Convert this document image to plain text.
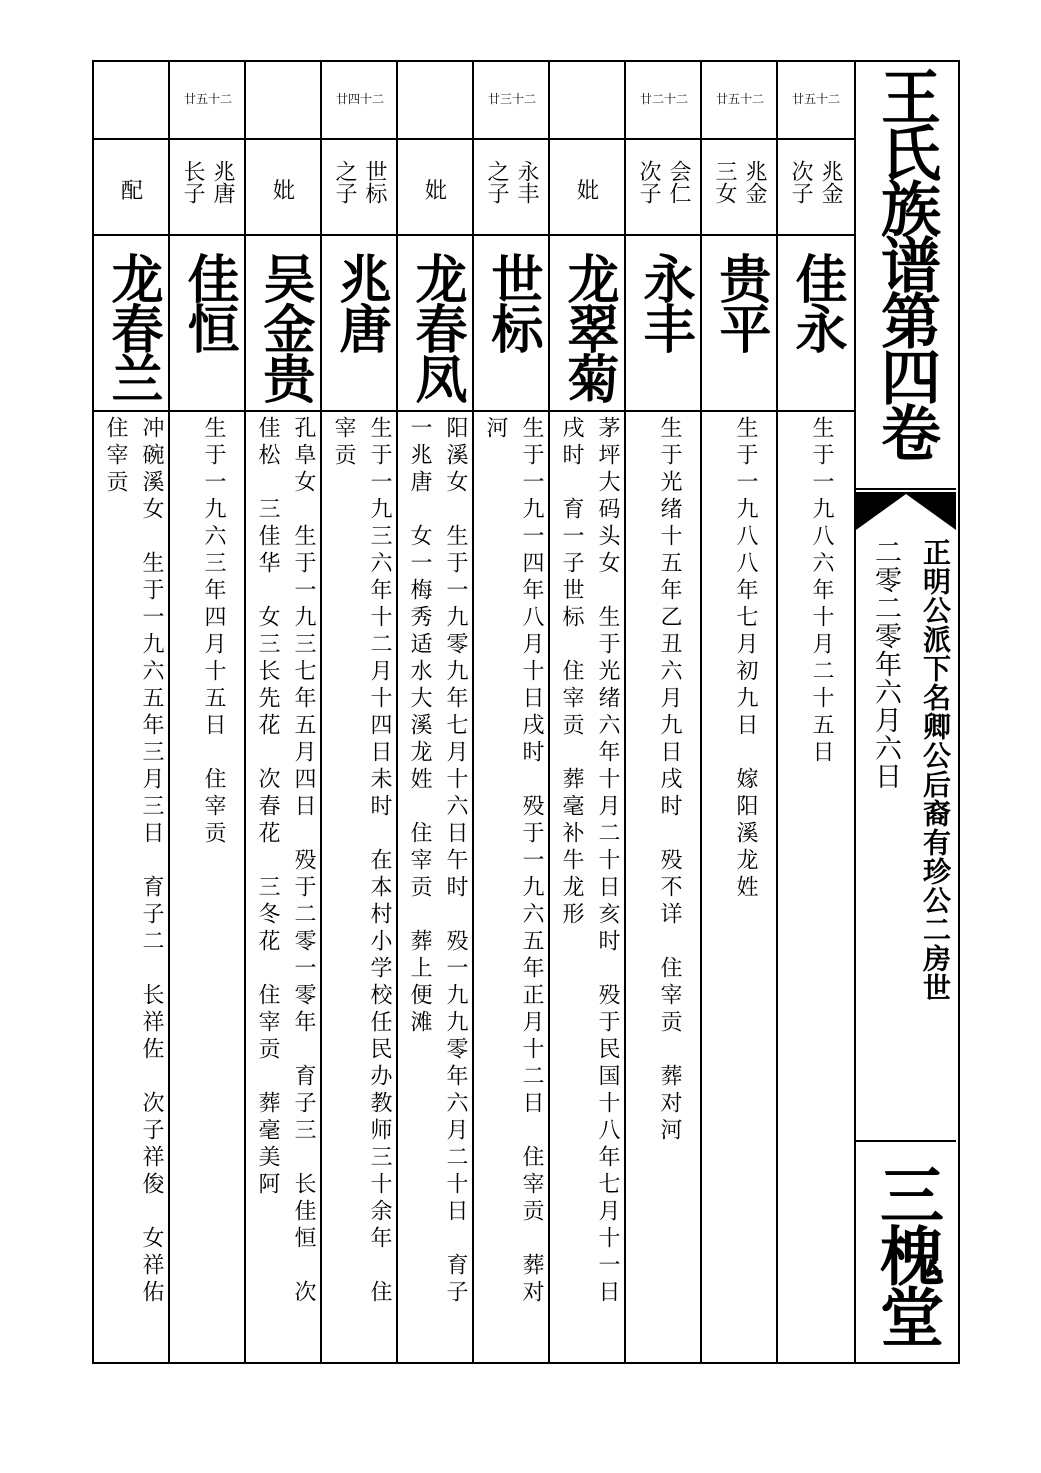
廿五十二
兆金
次子
佳永
生于一九八六年十月二十五日
廿五十二
兆金
三女
贵平
生于一九八八年七月初九日　嫁阳溪龙姓
廿二十二
会仁
次子
永丰
生于光绪十五年乙丑六月九日戌时　殁不详　住宰贡　葬对河
妣
龙翠菊
茅坪大码头女　生于光绪六年十月二十日亥时　殁于民国十八年七月十一日
戌时　育一子世标　住宰贡　葬毫补牛龙形
廿三十二
永丰
之子
世标
生于一九一四年八月十日戌时　殁于一九六五年正月十二日　住宰贡　葬对
河
妣
龙春凤
阳溪女　生于一九零九年七月十六日午时　殁一九九零年六月二十日　育子
一兆唐　女一梅秀适水大溪龙姓　住宰贡　葬上便滩
廿四十二
世标
之子
兆唐
生于一九三六年十二月十四日未时　在本村小学校任民办教师三十余年　住
宰贡
妣
吴金贵
孔阜女　生于一九三七年五月四日　殁于二零一零年　育子三　长佳恒　次
佳松　三佳华　女三长先花　次春花　三冬花　住宰贡　葬毫美阿
廿五十二
兆唐
长子
佳恒
生于一九六三年四月十五日　住宰贡
配
龙春兰
冲碗溪女　生于一九六五年三月三日　育子二　长祥佐　次子祥俊　女祥佑
住宰贡	王氏族谱第四卷
正明公派下名卿公后裔有珍公二房世
二零二零年六月六日
三槐堂
